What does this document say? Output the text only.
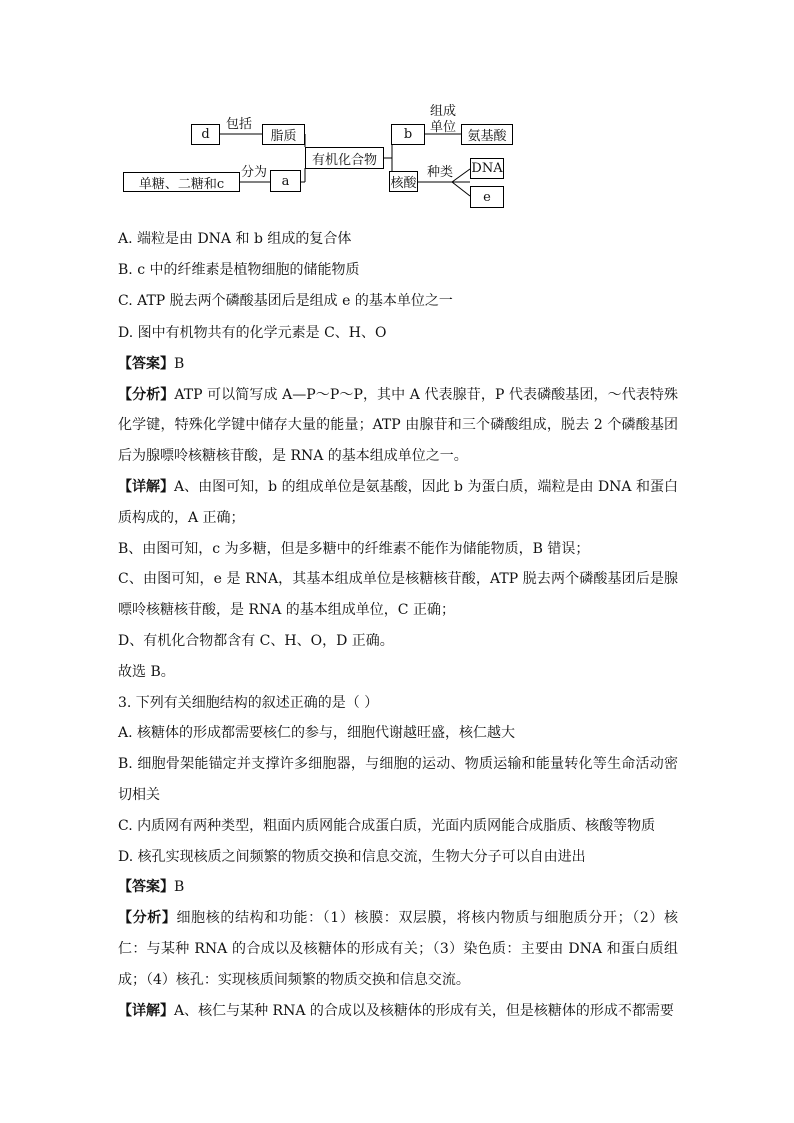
d
包括
脂质
有机化合物
b
组成
单位
氨基酸
单糖、二糖和c
分为
a	核酸
种类 DNA
e

A. 端粒是由 DNA 和 b 组成的复合体

B. c 中的纤维素是植物细胞的储能物质

C. ATP 脱去两个磷酸基团后是组成 e 的基本单位之一

D. 图中有机物共有的化学元素是 C、H、O

【答案】B

【分析】ATP 可以简写成 A—P～P～P，其中 A 代表腺苷，P 代表磷酸基团，～代表特殊化学键，特殊化学键中储存大量的能量；ATP 由腺苷和三个磷酸组成，脱去 2 个磷酸基团后为腺嘌呤核糖核苷酸，是 RNA 的基本组成单位之一。

【详解】A、由图可知，b 的组成单位是氨基酸，因此 b 为蛋白质，端粒是由 DNA 和蛋白质构成的，A 正确；

B、由图可知，c 为多糖，但是多糖中的纤维素不能作为储能物质，B 错误；

C、由图可知，e 是 RNA，其基本组成单位是核糖核苷酸，ATP 脱去两个磷酸基团后是腺嘌呤核糖核苷酸，是 RNA 的基本组成单位，C 正确；

D、有机化合物都含有 C、H、O，D 正确。

故选 B。

3. 下列有关细胞结构的叙述正确的是（ ）

A. 核糖体的形成都需要核仁的参与，细胞代谢越旺盛，核仁越大

B. 细胞骨架能锚定并支撑许多细胞器，与细胞的运动、物质运输和能量转化等生命活动密切相关

C. 内质网有两种类型，粗面内质网能合成蛋白质，光面内质网能合成脂质、核酸等物质

D. 核孔实现核质之间频繁的物质交换和信息交流，生物大分子可以自由进出

【答案】B

【分析】细胞核的结构和功能：（1）核膜：双层膜，将核内物质与细胞质分开；（2）核仁：与某种 RNA 的合成以及核糖体的形成有关；（3）染色质：主要由 DNA 和蛋白质组成；（4）核孔：实现核质间频繁的物质交换和信息交流。

【详解】A、核仁与某种 RNA 的合成以及核糖体的形成有关，但是核糖体的形成不都需要
